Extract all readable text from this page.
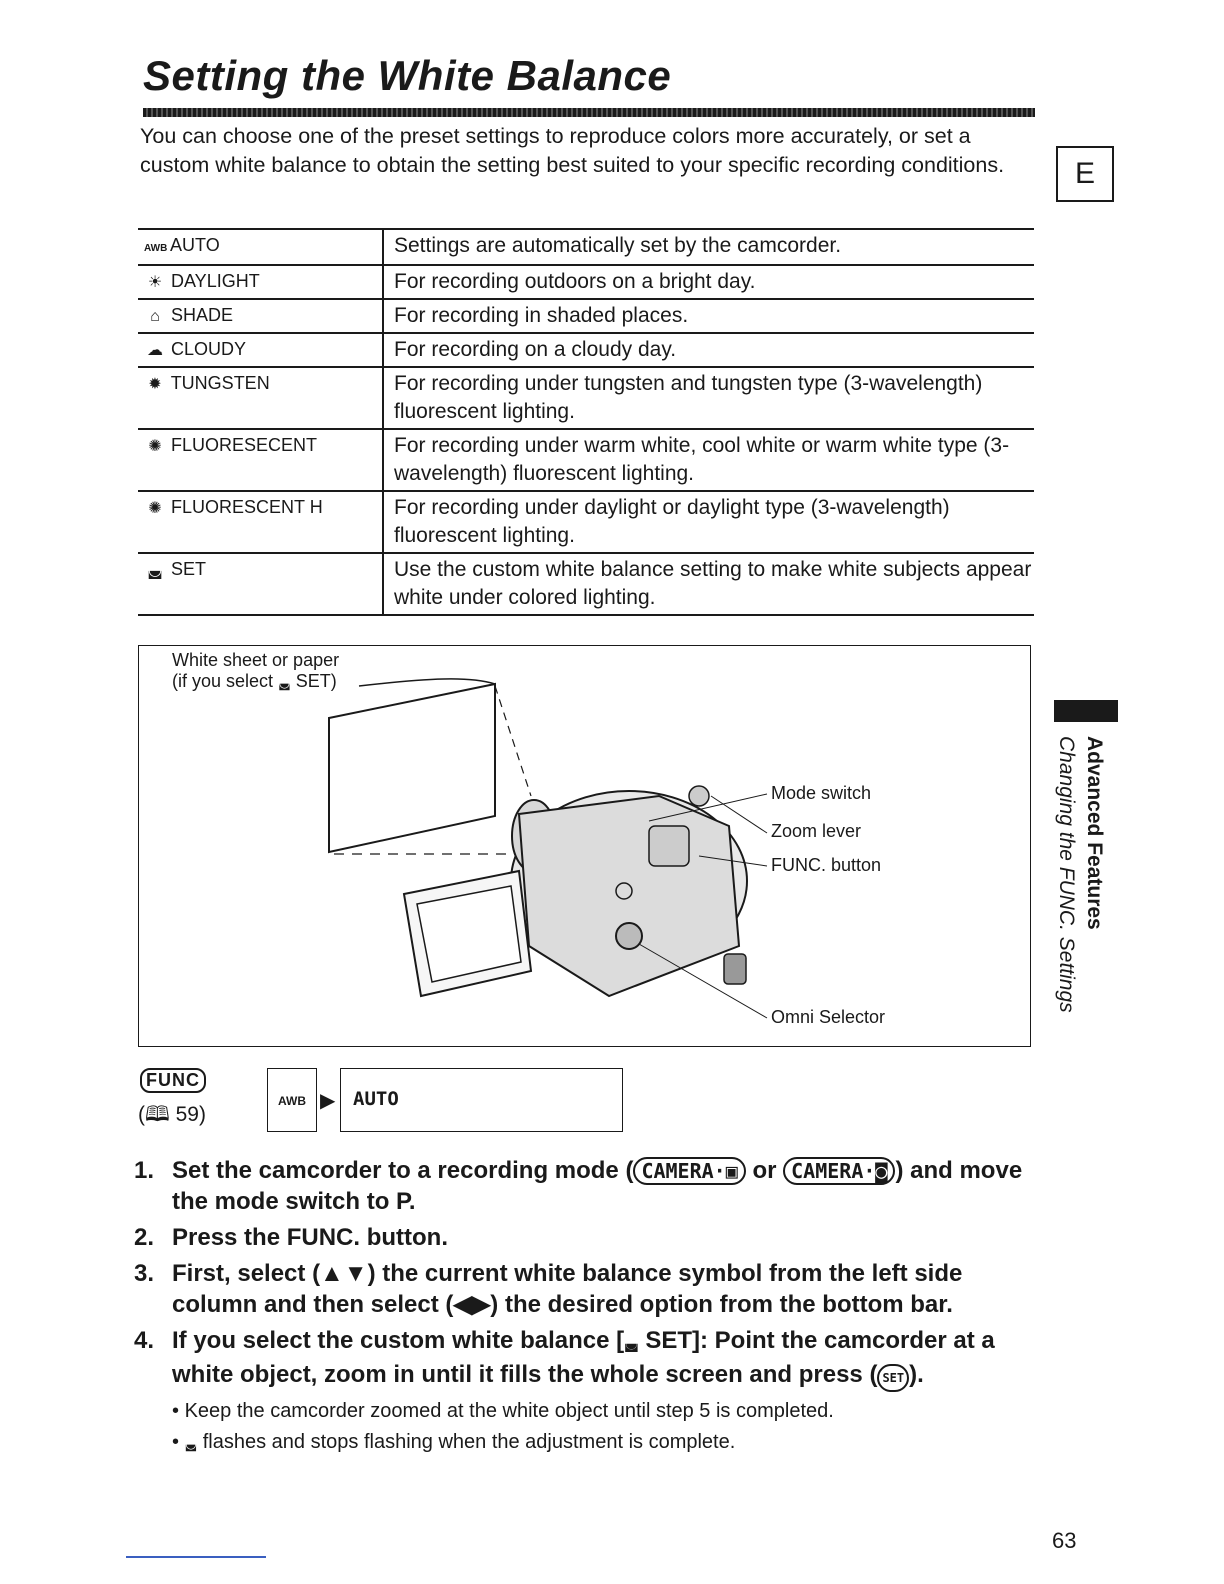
Setting the White Balance
You can choose one of the preset settings to reproduce colors more accurately, or set a custom white balance to obtain the setting best suited to your specific recording conditions.	E
AWB AUTO	Settings are automatically set by the camcorder.
☀ DAYLIGHT	For recording outdoors on a bright day.
⌂ SHADE	For recording in shaded places.
☁ CLOUDY	For recording on a cloudy day.
✹ TUNGSTEN	For recording under tungsten and tungsten type (3-wavelength) fluorescent lighting.
✺ FLUORESECENT	For recording under warm white, cool white or warm white type (3-wavelength) fluorescent lighting.
✺ FLUORESCENT H	For recording under daylight or daylight type (3-wavelength) fluorescent lighting.
◛ SET	Use the custom white balance setting to make white subjects appear white under colored lighting.
White sheet or paper
(if you select ◛ SET)
Mode switch
Zoom lever
FUNC. button
Omni Selector
Advanced Features
Changing the FUNC. Settings
FUNC
(🕮 59)
AWB ▶ AUTO
1. Set the camcorder to a recording mode ( CAMERA·▣ or CAMERA·◙ ) and move the mode switch to P.
2. Press the FUNC. button.
3. First, select (▲▼) the current white balance symbol from the left side column and then select (◀▶) the desired option from the bottom bar.
4. If you select the custom white balance [◛ SET]: Point the camcorder at a white object, zoom in until it fills the whole screen and press ( SET ).
• Keep the camcorder zoomed at the white object until step 5 is completed.
• ◛ flashes and stops flashing when the adjustment is complete.
63
